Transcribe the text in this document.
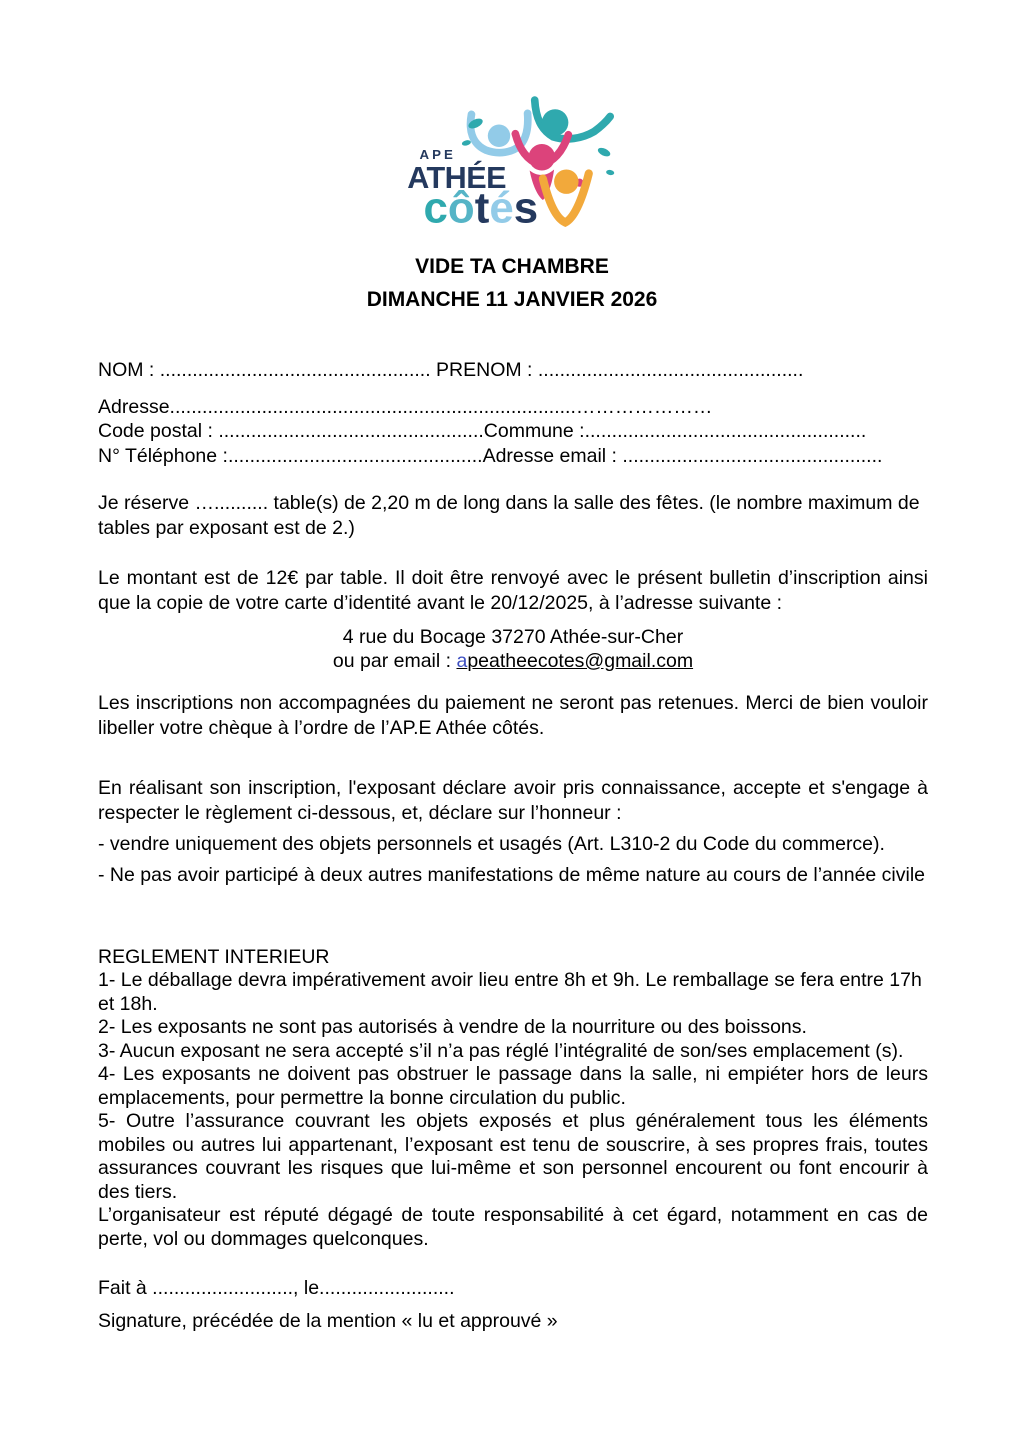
APE
ATHÉE
côtés

VIDE TA CHAMBRE

DIMANCHE 11 JANVIER 2026

NOM : .................................................. PRENOM : .................................................

Adresse...........................................................................…………………

Code postal : .................................................Commune :....................................................

N° Téléphone :...............................................Adresse email : ................................................

Je réserve ….......... table(s) de 2,20 m de long dans la salle des fêtes. (le nombre maximum de tables par exposant est de 2.)

Le montant est de 12€ par table. Il doit être renvoyé avec le présent bulletin d’inscription ainsi que la copie de votre carte d’identité avant le 20/12/2025, à l’adresse suivante :

4 rue du Bocage 37270 Athée-sur-Cher

ou par email : apeatheecotes@gmail.com

Les inscriptions non accompagnées du paiement ne seront pas retenues. Merci de bien vouloir libeller votre chèque à l’ordre de l’AP.E Athée côtés.

En réalisant son inscription, l'exposant déclare avoir pris connaissance, accepte et s'engage à respecter le règlement ci-dessous, et, déclare sur l’honneur :

- vendre uniquement des objets personnels et usagés (Art. L310-2 du Code du commerce).

- Ne pas avoir participé à deux autres manifestations de même nature au cours de l’année civile

REGLEMENT INTERIEUR

1- Le déballage devra impérativement avoir lieu entre 8h et 9h. Le remballage se fera entre 17h et 18h.

2- Les exposants ne sont pas autorisés à vendre de la nourriture ou des boissons.

3- Aucun exposant ne sera accepté s’il n’a pas réglé l’intégralité de son/ses emplacement (s).

4- Les exposants ne doivent pas obstruer le passage dans la salle, ni empiéter hors de leurs emplacements, pour permettre la bonne circulation du public.

5- Outre l’assurance couvrant les objets exposés et plus généralement tous les éléments mobiles ou autres lui appartenant, l’exposant est tenu de souscrire, à ses propres frais, toutes assurances couvrant les risques que lui-même et son personnel encourent ou font encourir à des tiers.

L’organisateur est réputé dégagé de toute responsabilité à cet égard, notamment en cas de perte, vol ou dommages quelconques.

Fait à .........................., le.........................

Signature, précédée de la mention « lu et approuvé »
